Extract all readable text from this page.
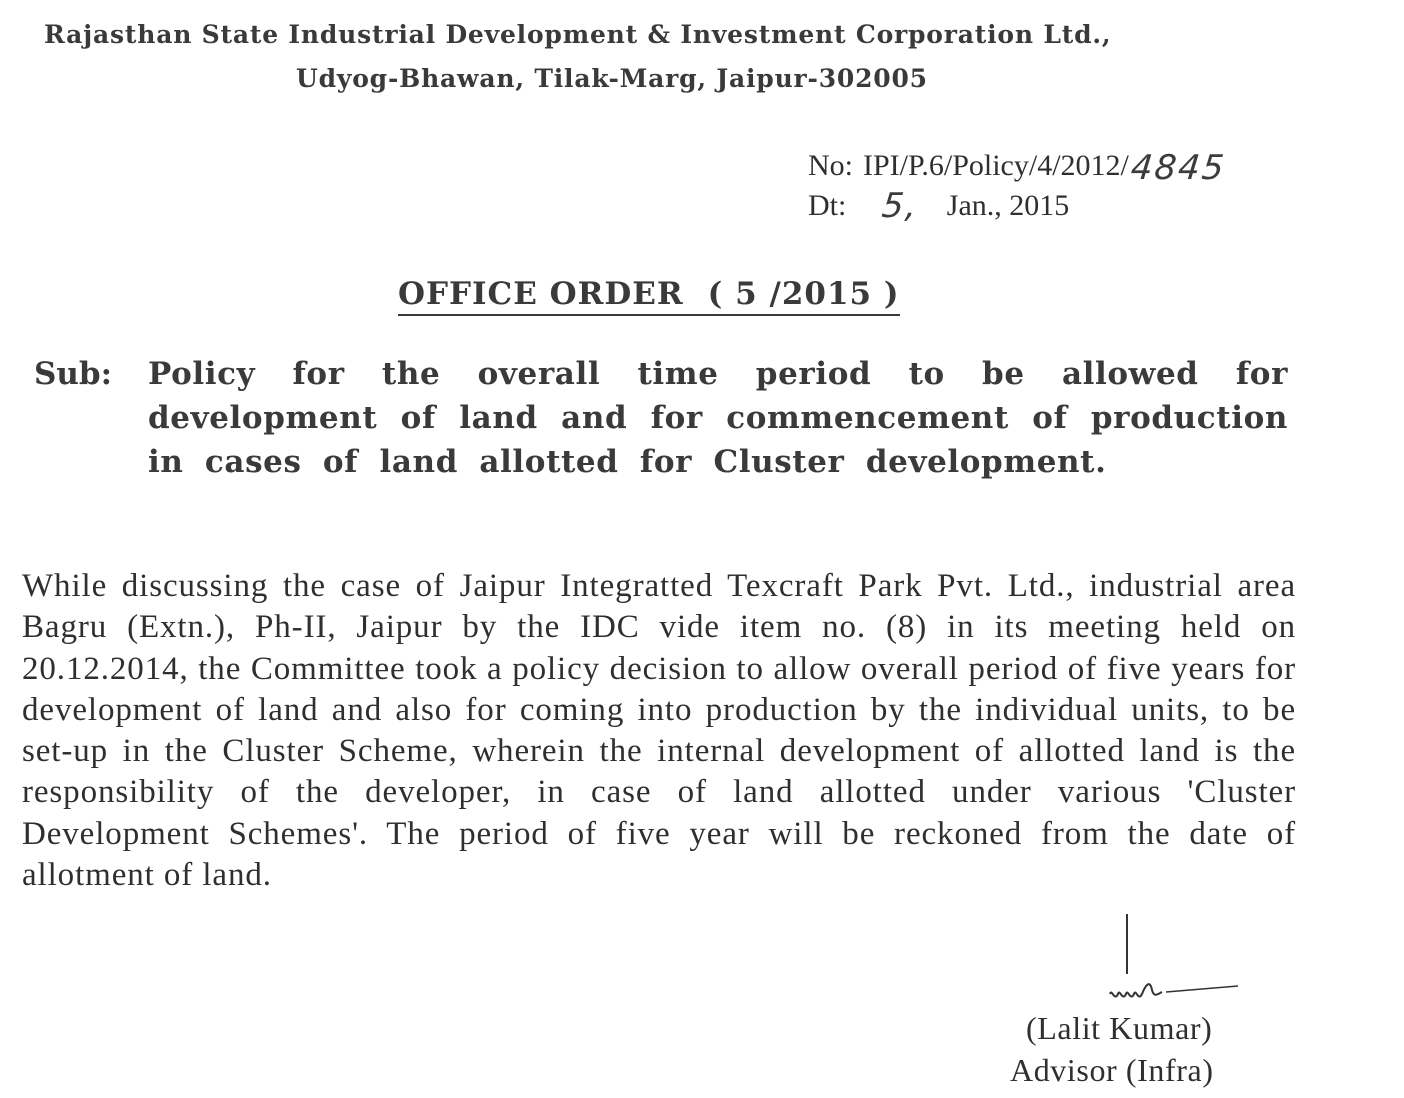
Rajasthan State Industrial Development & Investment Corporation Ltd.,
Udyog-Bhawan, Tilak-Marg, Jaipur-302005
No: IPI/P.6/Policy/4/2012/ 4845
Dt: 5, Jan., 2015
OFFICE ORDER ( 5 /2015 )
Sub:	Policy for the overall time period to be allowed for development of land and for commencement of production in cases of land allotted for Cluster development.

While discussing the case of Jaipur Integratted Texcraft Park Pvt. Ltd., industrial area Bagru (Extn.), Ph-II, Jaipur by the IDC vide item no. (8) in its meeting held on 20.12.2014, the Committee took a policy decision to allow overall period of five years for development of land and also for coming into production by the individual units, to be set-up in the Cluster Scheme, wherein the internal development of allotted land is the responsibility of the developer, in case of land allotted under various 'Cluster Development Schemes'. The period of five year will be reckoned from the date of allotment of land.

(Lalit Kumar)
Advisor (Infra)
